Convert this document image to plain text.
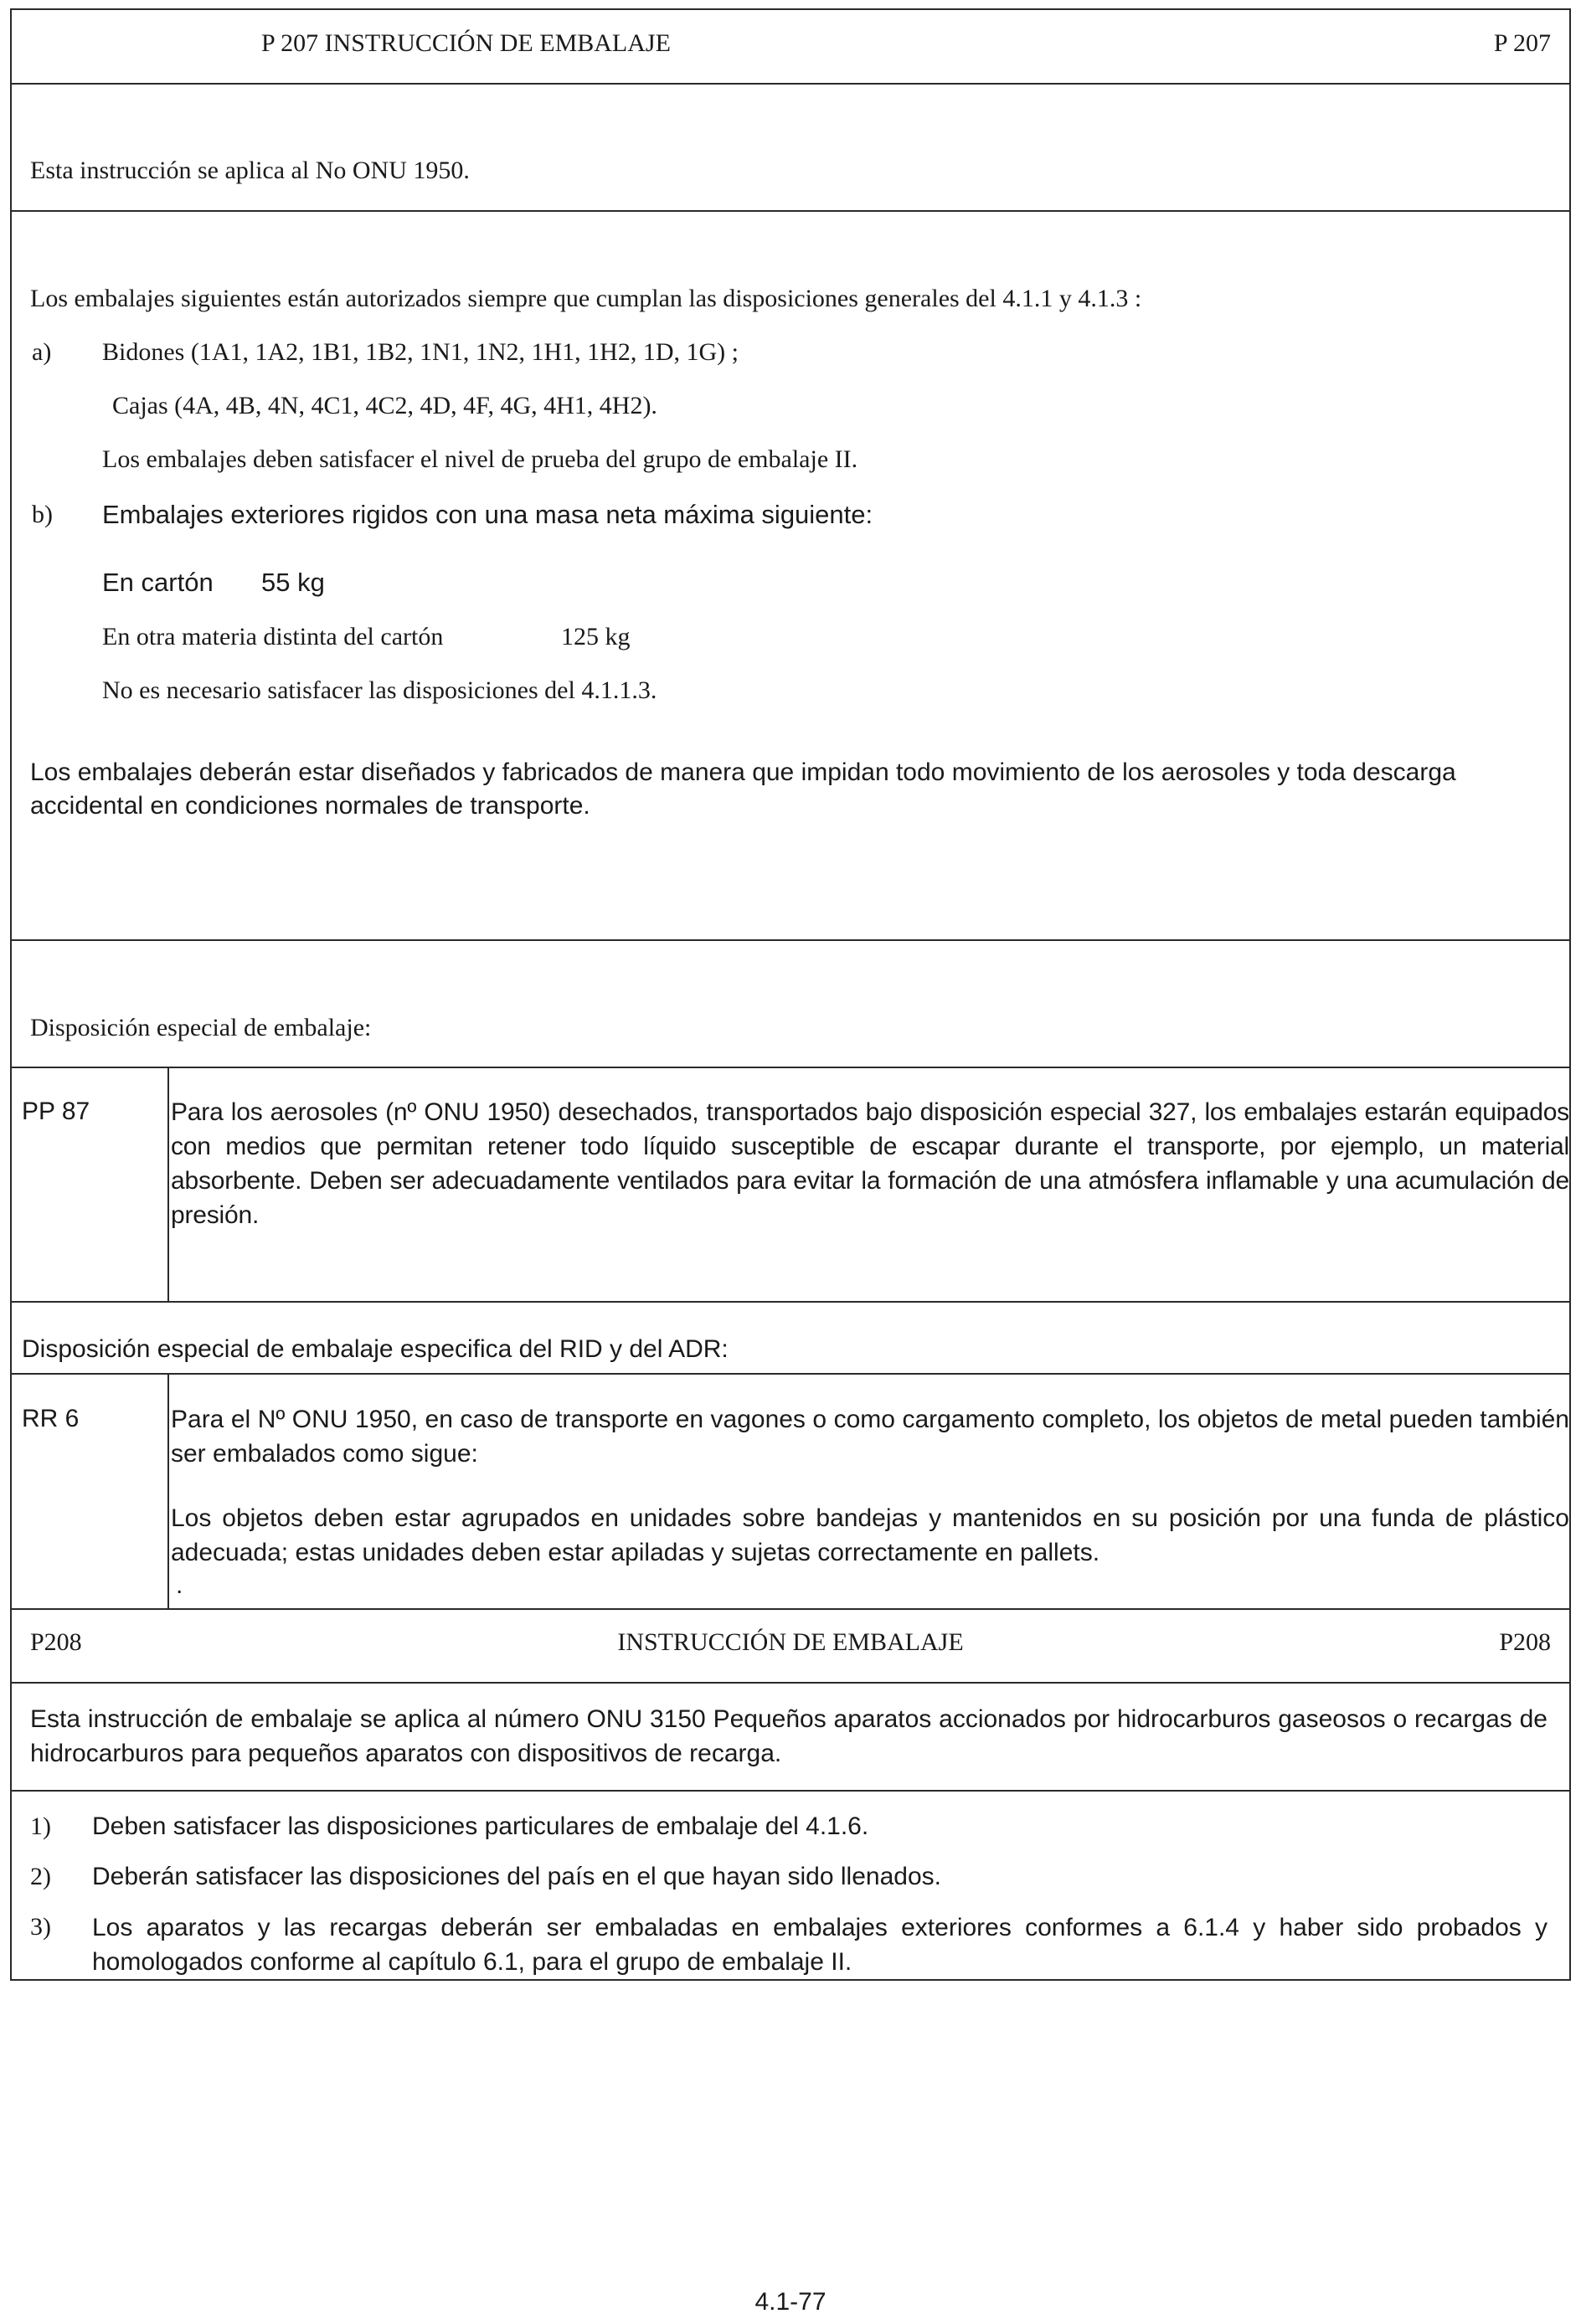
P 207 INSTRUCCIÓN DE EMBALAJE	P 207
Esta instrucción se aplica al No ONU 1950.
Los embalajes siguientes están autorizados siempre que cumplan las disposiciones generales del 4.1.1 y 4.1.3 :
a) Bidones (1A1, 1A2, 1B1, 1B2, 1N1, 1N2, 1H1, 1H2, 1D, 1G) ;
Cajas (4A, 4B, 4N, 4C1, 4C2, 4D, 4F, 4G, 4H1, 4H2).
Los embalajes deben satisfacer el nivel de prueba del grupo de embalaje II.
b) Embalajes exteriores rigidos con una masa neta máxima siguiente:
En cartón 55 kg
En otra materia distinta del cartón	125 kg
No es necesario satisfacer las disposiciones del 4.1.1.3.
Los embalajes deberán estar diseñados y fabricados de manera que impidan todo movimiento de los aerosoles y toda descarga accidental en condiciones normales de transporte.
Disposición especial de embalaje:
PP 87	Para los aerosoles (nº ONU 1950) desechados, transportados bajo disposición especial 327, los embalajes estarán equipados con medios que permitan retener todo líquido susceptible de escapar durante el transporte, por ejemplo, un material absorbente. Deben ser adecuadamente ventilados para evitar la formación de una atmósfera inflamable y una acumulación de presión.
Disposición especial de embalaje especifica del RID y del ADR:
RR 6	Para el Nº ONU 1950, en caso de transporte en vagones o como cargamento completo, los objetos de metal pueden también ser embalados como sigue:
Los objetos deben estar agrupados en unidades sobre bandejas y mantenidos en su posición por una funda de plástico adecuada; estas unidades deben estar apiladas y sujetas correctamente en pallets.
.
P208	INSTRUCCIÓN DE EMBALAJE	P208
Esta instrucción de embalaje se aplica al número ONU 3150 Pequeños aparatos accionados por hidrocarburos gaseosos o recargas de hidrocarburos para pequeños aparatos con dispositivos de recarga.
1) Deben satisfacer las disposiciones particulares de embalaje del 4.1.6.
2) Deberán satisfacer las disposiciones del país en el que hayan sido llenados.
3) Los aparatos y las recargas deberán ser embaladas en embalajes exteriores conformes a 6.1.4 y haber sido probados y homologados conforme al capítulo 6.1, para el grupo de embalaje II.
4.1-77
